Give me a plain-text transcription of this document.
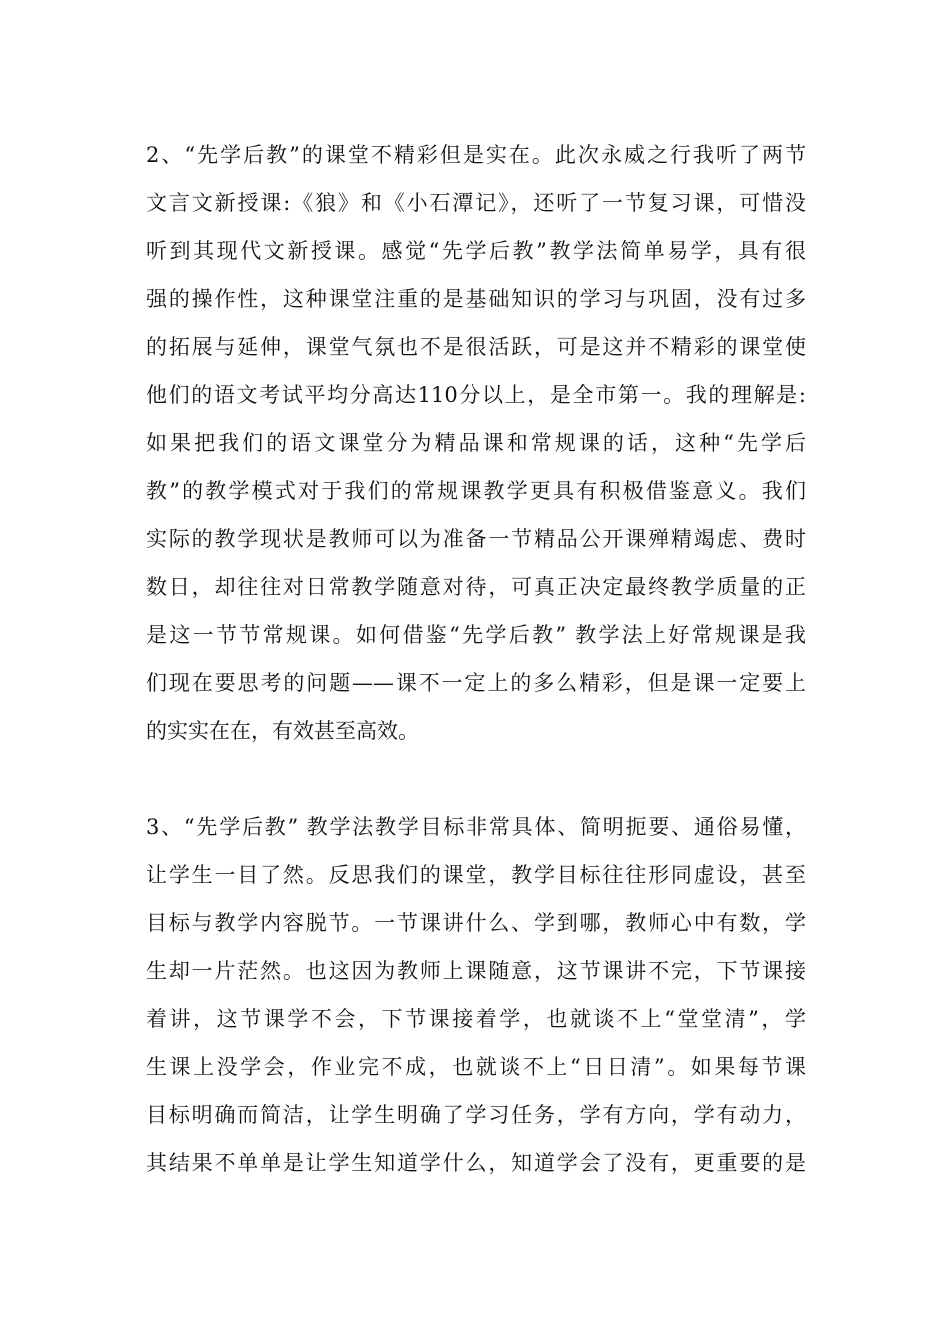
2、“先学后教”的课堂不精彩但是实在。此次永威之行我听了两节
文言文新授课:《狼》和《小石潭记》，还听了一节复习课，可惜没
听到其现代文新授课。感觉“先学后教”教学法简单易学，具有很
强的操作性，这种课堂注重的是基础知识的学习与巩固，没有过多
的拓展与延伸，课堂气氛也不是很活跃，可是这并不精彩的课堂使
他们的语文考试平均分高达110分以上，是全市第一。我的理解是:
如果把我们的语文课堂分为精品课和常规课的话，这种“先学后
教”的教学模式对于我们的常规课教学更具有积极借鉴意义。我们
实际的教学现状是教师可以为准备一节精品公开课殚精竭虑、费时
数日，却往往对日常教学随意对待，可真正决定最终教学质量的正
是这一节节常规课。如何借鉴“先学后教” 教学法上好常规课是我
们现在要思考的问题——课不一定上的多么精彩，但是课一定要上
的实实在在，有效甚至高效。
3、“先学后教” 教学法教学目标非常具体、简明扼要、通俗易懂，
让学生一目了然。反思我们的课堂，教学目标往往形同虚设，甚至
目标与教学内容脱节。一节课讲什么、学到哪，教师心中有数，学
生却一片茫然。也这因为教师上课随意，这节课讲不完，下节课接
着讲，这节课学不会，下节课接着学，也就谈不上“堂堂清”，学
生课上没学会，作业完不成，也就谈不上“日日清”。如果每节课
目标明确而简洁，让学生明确了学习任务，学有方向，学有动力，
其结果不单单是让学生知道学什么，知道学会了没有，更重要的是
